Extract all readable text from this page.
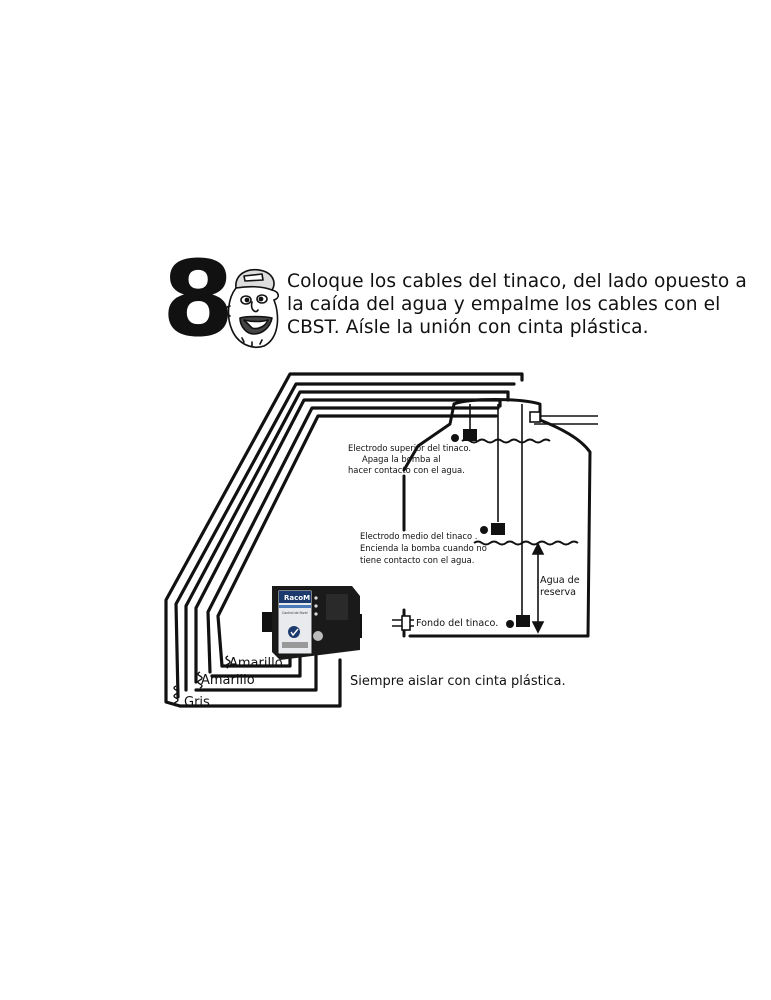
8	Coloque los cables del tinaco, del lado opuesto a la caída del agua y empalme los cables con el CBST. Aísle la unión con cinta plástica.

Electrodo superior del tinaco.
Apaga la bomba al
hacer contacto con el agua.
Electrodo medio del tinaco .
Encienda la bomba cuando no
tiene contacto con el agua.
Fondo del tinaco.
Agua de
reserva
RacoM
Control de Nivel
Amarillo
Amarillo
Gris
Siempre aislar con cinta plástica.
